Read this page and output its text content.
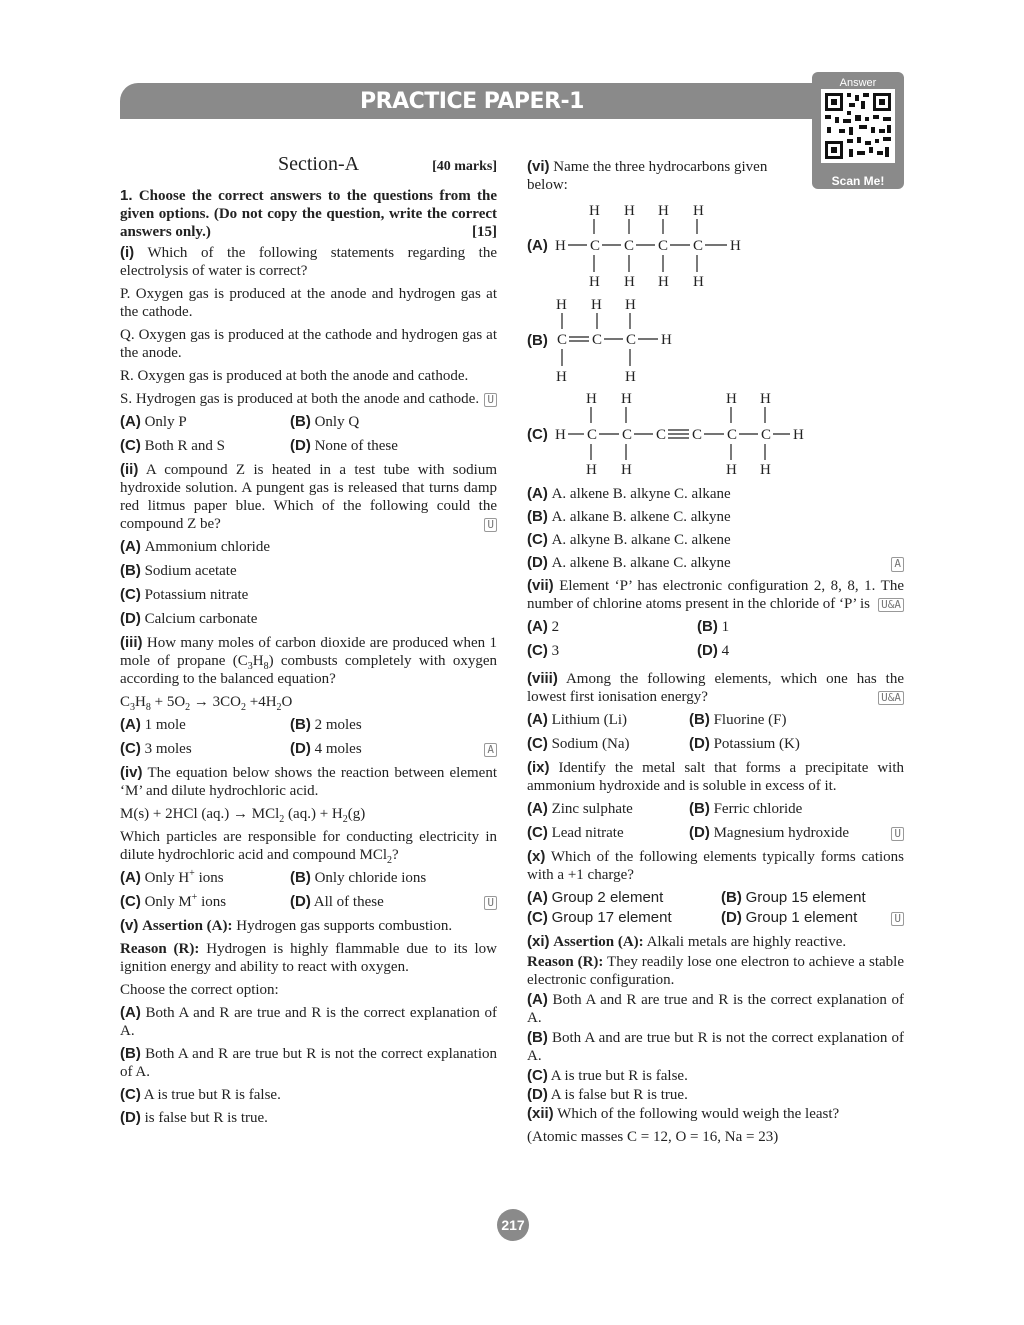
PRACTICE PAPER-1
Answer
Scan Me!
Section-A	[40 marks]

1. Choose the correct answers to the questions from the given options. (Do not copy the question, write the correct answers only.)	[15]

(i) Which of the following statements regarding the electrolysis of water is correct?

P. Oxygen gas is produced at the anode and hydrogen gas at the cathode.

Q. Oxygen gas is produced at the cathode and hydrogen gas at the anode.

R. Oxygen gas is produced at both the anode and cathode.

S. Hydrogen gas is produced at both the anode and cathode. U

(A) Only P	(B) Only Q
(C) Both R and S	(D) None of these

(ii) A compound Z is heated in a test tube with sodium hydroxide solution. A pungent gas is released that turns damp red litmus paper blue. Which of the following could the compound Z be?	U

(A)
Ammonium chloride
(B)
Sodium acetate
(C)
Potassium nitrate
(D)
Calcium carbonate

(iii) How many moles of carbon dioxide are produced when 1 mole of propane $(C_3H_8)$ combusts completely with oxygen according to the balanced equation?

$C_3H_8 + 5O_2 \to 3CO_2 +4H_2O$

(A) 1 mole	(B) 2 moles
(C) 3 moles	(D) 4 moles	A

(iv) The equation below shows the reaction between element ‘M’ and dilute hydrochloric acid.

M(s) + 2HCl (aq.) → MCl$_2$ $(aq.) + H_2(g)$

Which particles are responsible for conducting electricity in dilute hydrochloric acid and compound MCl$_2$?

(A) Only H+ ions	(B) Only chloride ions
(C) Only M+ ions	(D) All of these	U

(v) Assertion (A): Hydrogen gas supports combustion.

Reason (R): Hydrogen is highly flammable due to its low ignition energy and ability to react with oxygen.

Choose the correct option:

(A) Both A and R are true and R is the correct explanation of A.

(B) Both A and R are true but R is not the correct explanation of A.

(C) A is true but R is false.

(D) is false but R is true.

(vi) Name the three hydrocarbons given below:

(A)
H H H H
H C C C C H
H H H H
(B)
H H H
C C C H
H	H
(C)
H H	H H
H C C C C C C H
H H	H H
(A)
A. alkene B. alkyne C. alkane
(B)
A. alkane B. alkene C. alkyne
(C)
A. alkyne B. alkane C. alkene
(D)
A. alkene B. alkane C. alkyne	A

(vii) Element ‘P’ has electronic configuration 2, 8, 8, 1. The number of chlorine atoms present in the chloride of ‘P’ is U&A

(A) 2	(B) 1
(C) 3	(D) 4

(viii) Among the following elements, which one has the lowest first ionisation energy?	U&A

(A) Lithium (Li)	(B) Fluorine (F)
(C) Sodium (Na)	(D) Potassium (K)

(ix) Identify the metal salt that forms a precipitate with ammonium hydroxide and is soluble in excess of it.

(A) Zinc sulphate	(B) Ferric chloride
(C) Lead nitrate	(D) Magnesium hydroxide	U

(x) Which of the following elements typically forms cations with a +1 charge?

(A) Group 2 element	(B) Group 15 element
(C) Group 17 element	(D) Group 1 element	U

(xi) Assertion (A): Alkali metals are highly reactive.

Reason (R): They readily lose one electron to achieve a stable electronic configuration.

(A) Both A and R are true and R is the correct explanation of A.

(B) Both A and are true but R is not the correct explanation of A.

(C) A is true but R is false.

(D) A is false but R is true.

(xii) Which of the following would weigh the least?

(Atomic masses C = 12, O = 16, Na = 23)

217
